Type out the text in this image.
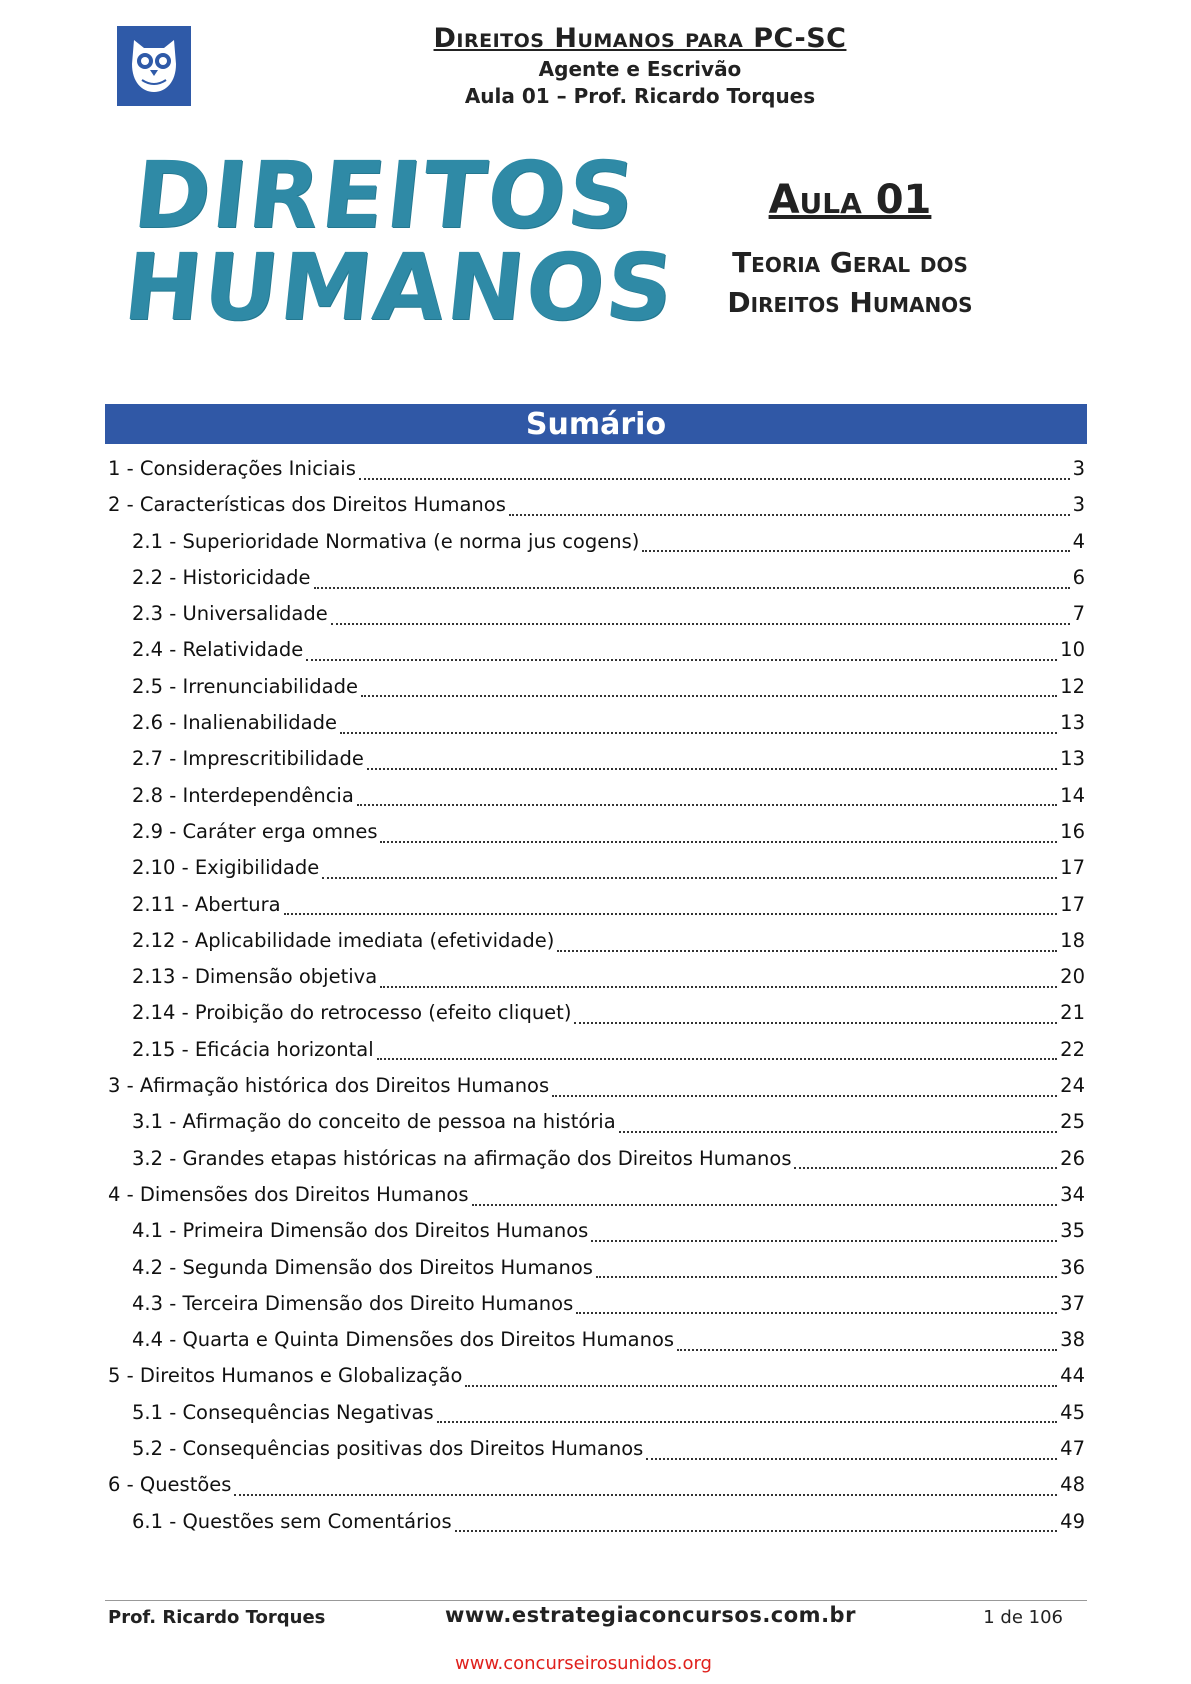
Direitos Humanos para PC-SC
Agente e Escrivão
Aula 01 – Prof. Ricardo Torques
DIREITOS
HUMANOS
Aula 01
Teoria Geral dos
Direitos Humanos
Sumário
1 - Considerações Iniciais	3
2 - Características dos Direitos Humanos	3
2.1 - Superioridade Normativa (e norma jus cogens)	4
2.2 - Historicidade	6
2.3 - Universalidade	7
2.4 - Relatividade	10
2.5 - Irrenunciabilidade	12
2.6 - Inalienabilidade	13
2.7 - Imprescritibilidade	13
2.8 - Interdependência	14
2.9 - Caráter erga omnes	16
2.10 - Exigibilidade	17
2.11 - Abertura	17
2.12 - Aplicabilidade imediata (efetividade)	18
2.13 - Dimensão objetiva	20
2.14 - Proibição do retrocesso (efeito cliquet)	21
2.15 - Eficácia horizontal	22
3 - Afirmação histórica dos Direitos Humanos	24
3.1 - Afirmação do conceito de pessoa na história	25
3.2 - Grandes etapas históricas na afirmação dos Direitos Humanos	26
4 - Dimensões dos Direitos Humanos	34
4.1 - Primeira Dimensão dos Direitos Humanos	35
4.2 - Segunda Dimensão dos Direitos Humanos	36
4.3 - Terceira Dimensão dos Direito Humanos	37
4.4 - Quarta e Quinta Dimensões dos Direitos Humanos	38
5 - Direitos Humanos e Globalização	44
5.1 - Consequências Negativas	45
5.2 - Consequências positivas dos Direitos Humanos	47
6 - Questões	48
6.1 - Questões sem Comentários	49
Prof. Ricardo Torques	www.estrategiaconcursos.com.br	1 de 106
www.concurseirosunidos.org
